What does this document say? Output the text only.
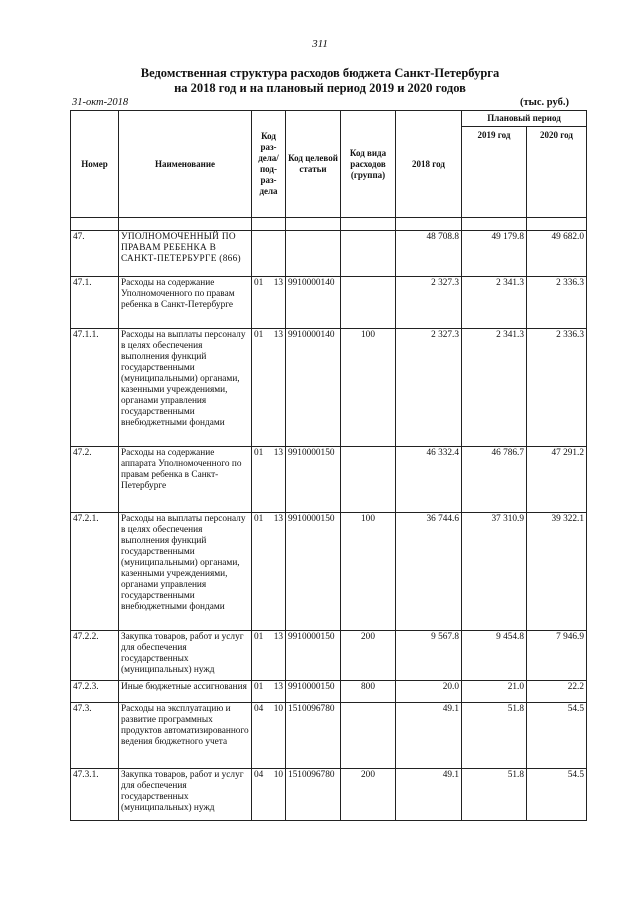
311
Ведомственная структура расходов бюджета Санкт-Петербурга
на 2018 год и на плановый период 2019 и 2020 годов
31-окт-2018	(тыс. руб.)
Номер	Наименование	Код раз- дела/ под- раз- дела	Код целевой статьи	Код вида расходов (группа)	2018 год	Плановый период	
						2019 год	2020 год

47.	УПОЛНОМОЧЕННЫЙ ПО ПРАВАМ РЕБЕНКА В САНКТ-ПЕТЕРБУРГЕ (866)				48 708.8	49 179.8	49 682.0
47.1.	Расходы на содержание Уполномоченного по правам ребенка в Санкт-Петербурге	01 13	9910000140		2 327.3	2 341.3	2 336.3
47.1.1.	Расходы на выплаты персоналу в целях обеспечения выполнения функций государственными (муниципальными) органами, казенными учреждениями, органами управления государственными внебюджетными фондами	01 13	9910000140	100	2 327.3	2 341.3	2 336.3
47.2.	Расходы на содержание аппарата Уполномоченного по правам ребенка в Санкт-Петербурге	01 13	9910000150		46 332.4	46 786.7	47 291.2
47.2.1.	Расходы на выплаты персоналу в целях обеспечения выполнения функций государственными (муниципальными) органами, казенными учреждениями, органами управления государственными внебюджетными фондами	01 13	9910000150	100	36 744.6	37 310.9	39 322.1
47.2.2.	Закупка товаров, работ и услуг для обеспечения государственных (муниципальных) нужд	01 13	9910000150	200	9 567.8	9 454.8	7 946.9
47.2.3.	Иные бюджетные ассигнования	01 13	9910000150	800	20.0	21.0	22.2
47.3.	Расходы на эксплуатацию и развитие программных продуктов автоматизированного ведения бюджетного учета	04 10	1510096780		49.1	51.8	54.5
47.3.1.	Закупка товаров, работ и услуг для обеспечения государственных (муниципальных) нужд	04 10	1510096780	200	49.1	51.8	54.5
